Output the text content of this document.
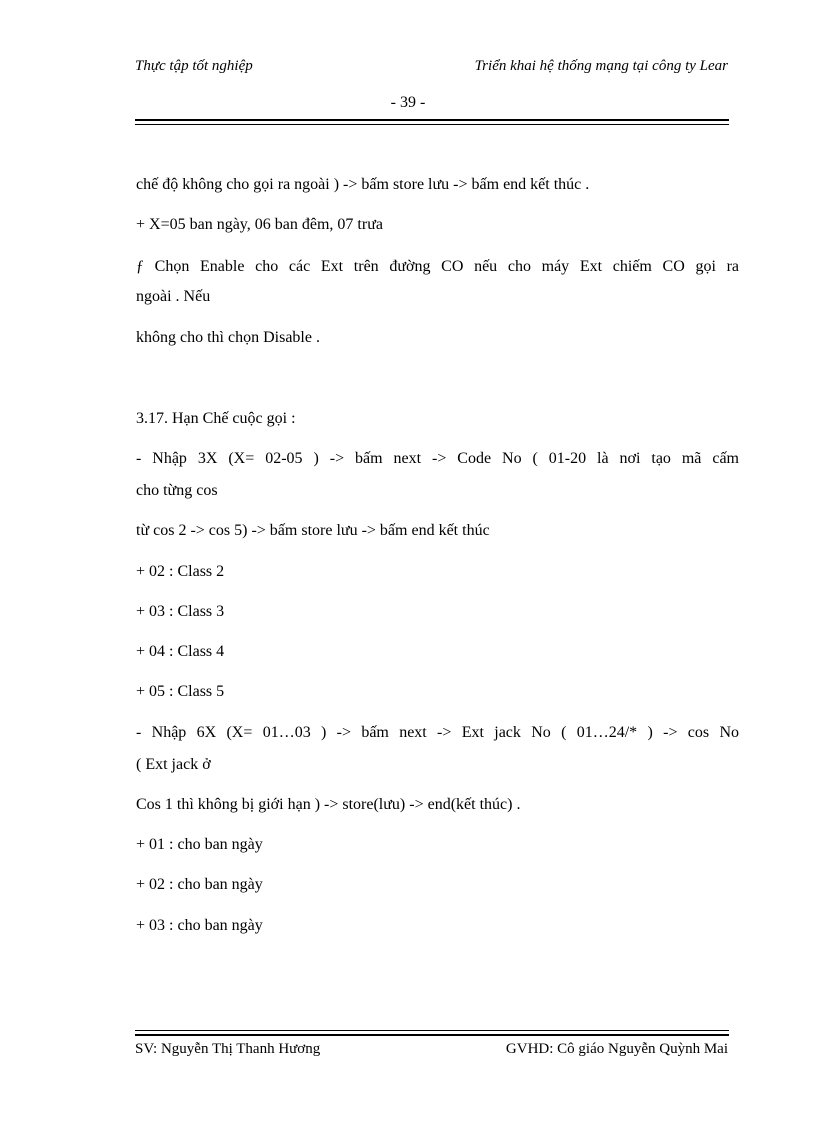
Thực tập tốt nghiệp	Triển khai hệ thống mạng tại công ty Lear
- 39 -
chế độ không cho gọi ra ngoài ) -> bấm store lưu -> bấm end kết thúc .
+ X=05 ban ngày, 06 ban đêm, 07 trưa
ƒ Chọn Enable cho các Ext trên đường CO nếu cho máy Ext chiếm CO gọi ra
ngoài . Nếu
không cho thì chọn Disable .
3.17. Hạn Chế cuộc gọi :
- Nhập 3X (X= 02-05 ) -> bấm next -> Code No ( 01-20 là nơi tạo mã cấm
cho từng cos
từ cos 2 -> cos 5) -> bấm store lưu -> bấm end kết thúc
+ 02 : Class 2
+ 03 : Class 3
+ 04 : Class 4
+ 05 : Class 5
- Nhập 6X (X= 01…03 ) -> bấm next -> Ext jack No ( 01…24/* ) -> cos No
( Ext jack ở
Cos 1 thì không bị giới hạn ) -> store(lưu) -> end(kết thúc) .
+ 01 : cho ban ngày
+ 02 : cho ban ngày
+ 03 : cho ban ngày
SV: Nguyễn Thị Thanh Hương	GVHD: Cô giáo Nguyễn Quỳnh Mai
